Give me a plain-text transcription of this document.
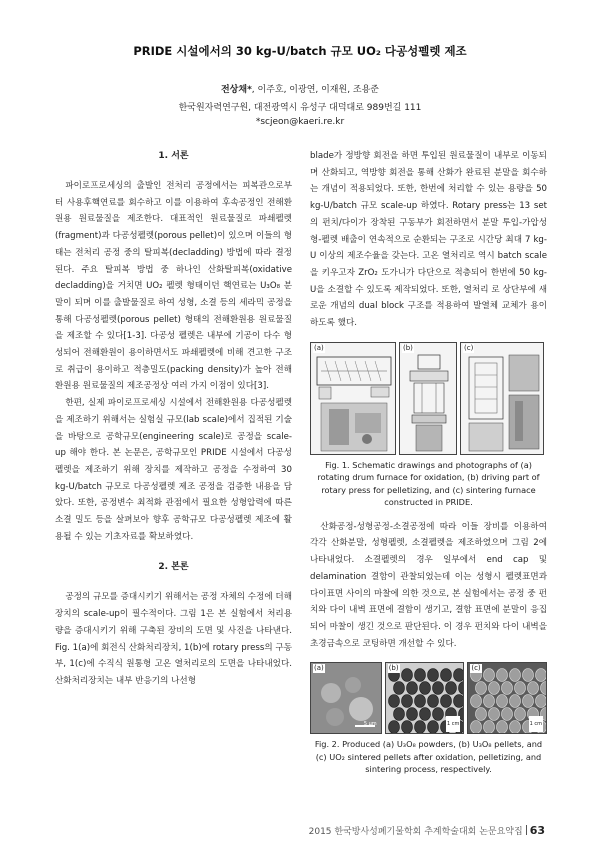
PRIDE 시설에서의 30 kg-U/batch 규모 UO₂ 다공성펠렛 제조
전상채*, 이주호, 이광연, 이재원, 조용준
한국원자력연구원, 대전광역시 유성구 대덕대로 989번길 111
*scjeon@kaeri.re.kr
1. 서론

파이로프로세싱의 출발인 전처리 공정에서는 피복관으로부터 사용후핵연료를 회수하고 이를 이용하여 후속공정인 전해환원용 원료물질을 제조한다. 대표적인 원료물질로 파쇄펠렛(fragment)과 다공성펠렛(porous pellet)이 있으며 이들의 형태는 전처리 공정 중의 탈피복(decladding) 방법에 따라 결정된다. 주요 탈피복 방법 중 하나인 산화탈피복(oxidative decladding)을 거치면 UO₂ 펠렛 형태이던 핵연료는 U₃O₈ 분말이 되며 이를 출발물질로 하여 성형, 소결 등의 세라믹 공정을 통해 다공성펠렛(porous pellet) 형태의 전해환원용 원료물질을 제조할 수 있다[1-3]. 다공성 펠렛은 내부에 기공이 다수 형성되어 전해환원이 용이하면서도 파쇄펠렛에 비해 견고한 구조로 취급이 용이하고 적층밀도(packing density)가 높아 전해환원용 원료물질의 제조공정상 여러 가지 이점이 있다[3].

한편, 실제 파이로프로세싱 시설에서 전해환원용 다공성펠렛을 제조하기 위해서는 실험실 규모(lab scale)에서 집적된 기술을 바탕으로 공학규모(engineering scale)로 공정을 scale-up 해야 한다. 본 논문은, 공학규모인 PRIDE 시설에서 다공성펠렛을 제조하기 위해 장치를 제작하고 공정을 수정하여 30 kg-U/batch 규모로 다공성펠렛 제조 공정을 검증한 내용을 담았다. 또한, 공정변수 최적화 관점에서 필요한 성형압력에 따른 소결 밀도 등을 살펴보아 향후 공학규모 다공성펠렛 제조에 활용될 수 있는 기초자료를 확보하였다.

2. 본론

공정의 규모를 증대시키기 위해서는 공정 자체의 수정에 더해 장치의 scale-up이 필수적이다. 그림 1은 본 실험에서 처리용량을 증대시키기 위해 구축된 장비의 도면 및 사진을 나타낸다. Fig. 1(a)에 회전식 산화처리장치, 1(b)에 rotary press의 구동부, 1(c)에 수직식 원통형 고온 열처리로의 도면을 나타내었다. 산화처리장치는 내부 반응기의 나선형

blade가 정방향 회전을 하면 투입된 원료물질이 내부로 이동되며 산화되고, 역방향 회전을 통해 산화가 완료된 분말을 회수하는 개념이 적용되었다. 또한, 한번에 처리할 수 있는 용량을 50 kg-U/batch 규모 scale-up 하였다. Rotary press는 13 set의 펀치/다이가 장착된 구동부가 회전하면서 분말 투입-가압성형-펠렛 배출이 연속적으로 순환되는 구조로 시간당 최대 7 kg-U 이상의 제조수율을 갖는다. 고온 열처리로 역시 batch scale을 키우고자 ZrO₂ 도가니가 다단으로 적층되어 한번에 50 kg-U을 소결할 수 있도록 제작되었다. 또한, 열처리 로 상단부에 새로운 개념의 dual block 구조를 적용하여 발열체 교체가 용이하도록 했다.

(a)	(b)	(c)
Fig. 1. Schematic drawings and photographs of (a) rotating drum furnace for oxidation, (b) driving part of rotary press for pelletizing, and (c) sintering furnace constructed in PRIDE.

산화공정-성형공정-소결공정에 따라 이들 장비를 이용하여 각각 산화분말, 성형펠렛, 소결펠렛을 제조하였으며 그림 2에 나타내었다. 소결펠렛의 경우 일부에서 end cap 및 delamination 결함이 관찰되었는데 이는 성형시 펠렛표면과 다이표면 사이의 마찰에 의한 것으로, 본 실험에서는 공정 중 펀치와 다이 내벽 표면에 결함이 생기고, 결함 표면에 분말이 응집되어 마찰이 생긴 것으로 판단된다. 이 경우 펀치와 다이 내벽을 초경금속으로 코팅하면 개선할 수 있다.

(a)
5 μm
(b)
1 cm
(c)
1 cm
Fig. 2. Produced (a) U₃O₈ powders, (b) U₃O₈ pellets, and (c) UO₂ sintered pellets after oxidation, pelletizing, and sintering process, respectively.
2015 한국방사성폐기물학회 추계학술대회 논문요약집 63
